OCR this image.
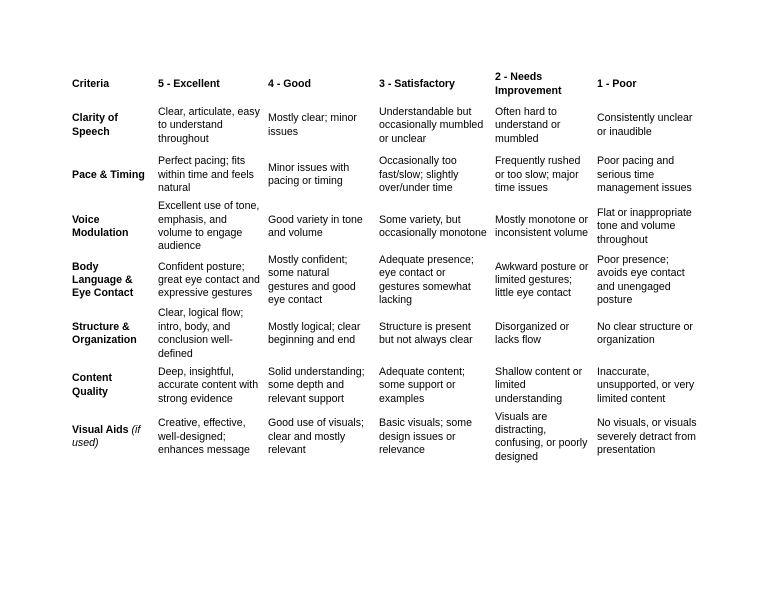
Criteria	5 - Excellent	4 - Good	3 - Satisfactory	2 - Needs Improvement	1 - Poor
Clarity of Speech	Clear, articulate, easy to understand throughout	Mostly clear; minor issues	Understandable but occasionally mumbled or unclear	Often hard to understand or mumbled	Consistently unclear or inaudible
Pace & Timing	Perfect pacing; fits within time and feels natural	Minor issues with pacing or timing	Occasionally too fast/slow; slightly over/under time	Frequently rushed or too slow; major time issues	Poor pacing and serious time management issues
Voice Modulation	Excellent use of tone, emphasis, and volume to engage audience	Good variety in tone and volume	Some variety, but occasionally monotone	Mostly monotone or inconsistent volume	Flat or inappropriate tone and volume throughout
Body Language & Eye Contact	Confident posture; great eye contact and expressive gestures	Mostly confident; some natural gestures and good eye contact	Adequate presence; eye contact or gestures somewhat lacking	Awkward posture or limited gestures; little eye contact	Poor presence; avoids eye contact and unengaged posture
Structure & Organization	Clear, logical flow; intro, body, and conclusion well-defined	Mostly logical; clear beginning and end	Structure is present but not always clear	Disorganized or lacks flow	No clear structure or organization
Content Quality	Deep, insightful, accurate content with strong evidence	Solid understanding; some depth and relevant support	Adequate content; some support or examples	Shallow content or limited understanding	Inaccurate, unsupported, or very limited content
Visual Aids (if used)	Creative, effective, well-designed; enhances message	Good use of visuals; clear and mostly relevant	Basic visuals; some design issues or relevance	Visuals are distracting, confusing, or poorly designed	No visuals, or visuals severely detract from presentation
